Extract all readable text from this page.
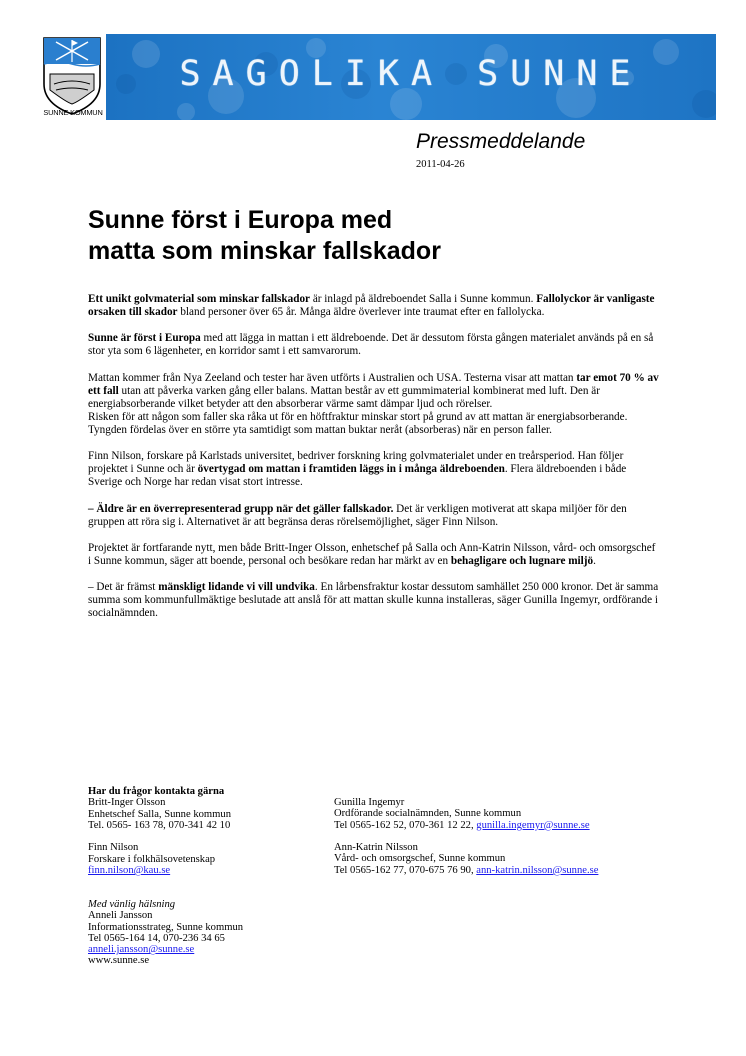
SUNNE KOMMUN
SAGOLIKA SUNNE
Pressmeddelande
2011-04-26
Sunne först i Europa med
matta som minskar fallskador

Ett unikt golvmaterial som minskar fallskador är inlagd på äldreboendet Salla i Sunne kommun. Fallolyckor är vanligaste orsaken till skador bland personer över 65 år. Många äldre överlever inte traumat efter en fallolycka.

Sunne är först i Europa med att lägga in mattan i ett äldreboende. Det är dessutom första gången materialet används på en så stor yta som 6 lägenheter, en korridor samt i ett samvarorum.

Mattan kommer från Nya Zeeland och tester har även utförts i Australien och USA. Testerna visar att mattan tar emot 70 % av ett fall utan att påverka varken gång eller balans. Mattan består av ett gummimaterial kombinerat med luft. Den är energiabsorberande vilket betyder att den absorberar värme samt dämpar ljud och rörelser.

Risken för att någon som faller ska råka ut för en höftfraktur minskar stort på grund av att mattan är energiabsorberande. Tyngden fördelas över en större yta samtidigt som mattan buktar neråt (absorberas) när en person faller.

Finn Nilson, forskare på Karlstads universitet, bedriver forskning kring golvmaterialet under en treårsperiod. Han följer projektet i Sunne och är övertygad om mattan i framtiden läggs in i många äldreboenden. Flera äldreboenden i både Sverige och Norge har redan visat stort intresse.

– Äldre är en överrepresenterad grupp när det gäller fallskador. Det är verkligen motiverat att skapa miljöer för den gruppen att röra sig i. Alternativet är att begränsa deras rörelsemöjlighet, säger Finn Nilson.

Projektet är fortfarande nytt, men både Britt-Inger Olsson, enhetschef på Salla och Ann-Katrin Nilsson, vård- och omsorgschef i Sunne kommun, säger att boende, personal och besökare redan har märkt av en behagligare och lugnare miljö.

– Det är främst mänskligt lidande vi vill undvika. En lårbensfraktur kostar dessutom samhället 250 000 kronor. Det är samma summa som kommunfullmäktige beslutade att anslå för att mattan skulle kunna installeras, säger Gunilla Ingemyr, ordförande i socialnämnden.

Har du frågor kontakta gärna
Britt-Inger Olsson
Enhetschef Salla, Sunne kommun
Tel. 0565- 163 78, 070-341 42 10
Finn Nilson
Forskare i folkhälsovetenskap
finn.nilson@kau.se
Med vänlig hälsning
Anneli Jansson
Informationsstrateg, Sunne kommun
Tel 0565-164 14, 070-236 34 65
anneli.jansson@sunne.se
www.sunne.se
Gunilla Ingemyr
Ordförande socialnämnden, Sunne kommun
Tel 0565-162 52, 070-361 12 22, gunilla.ingemyr@sunne.se
Ann-Katrin Nilsson
Vård- och omsorgschef, Sunne kommun
Tel 0565-162 77, 070-675 76 90, ann-katrin.nilsson@sunne.se
